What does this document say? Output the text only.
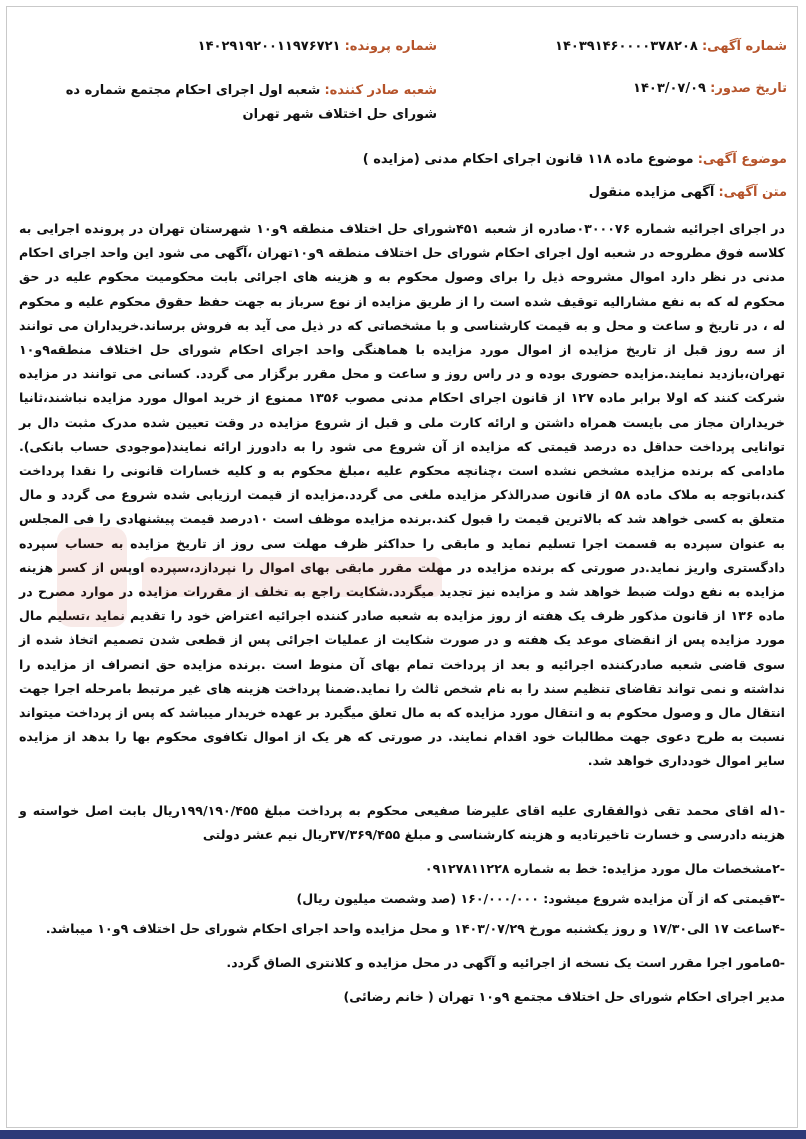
شماره آگهی: ۱۴۰۳۹۱۴۶۰۰۰۰۳۷۸۲۰۸
شماره پرونده: ۱۴۰۲۹۱۹۲۰۰۱۱۹۷۶۷۲۱
تاریخ صدور: ۱۴۰۳/۰۷/۰۹
شعبه صادر کننده: شعبه اول اجرای احکام مجتمع شماره ده شورای حل اختلاف شهر تهران
موضوع آگهی: موضوع ماده ۱۱۸ قانون اجرای احکام مدنی (مزایده )
متن آگهی: آگهی مزایده منقول

در اجرای اجرائیه شماره ۰۳۰۰۰۷۶صادره از شعبه ۴۵۱شورای حل اختلاف منطقه ۹و۱۰ شهرستان تهران در پرونده اجرایی به کلاسه فوق مطروحه در شعبه اول اجرای احکام شورای حل اختلاف منطقه ۹و۱۰تهران ،آگهی می شود این واحد اجرای احکام مدنی در نظر دارد اموال مشروحه ذیل را برای وصول محکوم به و هزینه های اجرائی بابت محکومیت محکوم علیه در حق محکوم له که به نفع مشارالیه توقیف شده است را از طریق مزایده از نوع سرباز به جهت حفظ حقوق محکوم علیه و محکوم له ، در تاریخ و ساعت و محل و به قیمت کارشناسی و با مشخصاتی که در ذیل می آید به فروش برساند.خریداران می توانند از سه روز قبل از تاریخ مزایده از اموال مورد مزایده با هماهنگی واحد اجرای احکام شورای حل اختلاف منطقه۹و۱۰ تهران،بازدید نمایند.مزایده حضوری بوده و در راس روز و ساعت و محل مقرر برگزار می گردد. کسانی می توانند در مزایده شرکت کنند که اولا برابر ماده ۱۲۷ از قانون اجرای احکام مدنی مصوب ۱۳۵۶ ممنوع از خرید اموال مورد مزایده نباشند،ثانیا خریداران مجاز می بایست همراه داشتن و ارائه کارت ملی و قبل از شروع مزایده در وقت تعیین شده مدرک مثبت دال بر توانایی پرداخت حداقل ده درصد قیمتی که مزایده از آن شروع می شود را به دادورز ارائه نمایند(موجودی حساب بانکی). مادامی که برنده مزایده مشخص نشده است ،چنانچه محکوم علیه ،مبلغ محکوم به و کلیه خسارات قانونی را نقدا پرداخت کند،باتوجه به ملاک ماده ۵۸ از قانون صدرالذکر مزایده ملغی می گردد.مزایده از قیمت ارزیابی شده شروع می گردد و مال متعلق به کسی خواهد شد که بالاترین قیمت را قبول کند.برنده مزایده موظف است ۱۰درصد قیمت پیشنهادی را فی المجلس به عنوان سپرده به قسمت اجرا تسلیم نماید و مابقی را حداکثر ظرف مهلت سی روز از تاریخ مزایده به حساب سپرده دادگستری واریز نماید.در صورتی که برنده مزایده در مهلت مقرر مابقی بهای اموال را نپردازد،سپرده اوپس از کسر هزینه مزایده به نفع دولت ضبط خواهد شد و مزایده نیز تجدید میگردد.شکایت راجع به تخلف از مقررات مزایده در موارد مصرح در ماده ۱۳۶ از قانون مذکور ظرف یک هفته از روز مزایده به شعبه صادر کننده اجرائیه اعتراض خود را تقدیم نماید ،تسلیم مال مورد مزایده پس از انقضای موعد یک هفته و در صورت شکایت از عملیات اجرائی پس از قطعی شدن تصمیم اتخاذ شده از سوی قاضی شعبه صادرکننده اجرائیه و بعد از پرداخت تمام بهای آن منوط است .برنده مزایده حق انصراف از مزایده را نداشته و نمی تواند تقاضای تنظیم سند را به نام شخص ثالث را نماید.ضمنا پرداخت هزینه های غیر مرتبط بامرحله اجرا جهت انتقال مال و وصول محکوم به و انتقال مورد مزایده که به مال تعلق میگیرد بر عهده خریدار میباشد که پس از پرداخت میتواند نسبت به طرح دعوی جهت مطالبات خود اقدام نمایند. در صورتی که هر یک از اموال تکافوی محکوم بها را بدهد از مزایده سایر اموال خودداری خواهد شد.

-۱له اقای محمد تقی ذوالفقاری علیه اقای علیرضا صفیعی محکوم به پرداخت مبلغ ۱۹۹/۱۹۰/۴۵۵ریال بابت اصل خواسته و هزینه دادرسی و خسارت تاخیرتادیه و هزینه کارشناسی و مبلغ ۳۷/۳۶۹/۴۵۵ریال نیم عشر دولتی
-۲مشخصات مال مورد مزایده: خط به شماره ۰۹۱۲۷۸۱۱۲۲۸
-۳قیمتی که از آن مزایده شروع میشود: ۱۶۰/۰۰۰/۰۰۰ (صد وشصت میلیون ریال)
-۴ساعت ۱۷ الی۱۷/۳۰ و روز یکشنبه مورخ ۱۴۰۳/۰۷/۲۹ و محل مزایده واحد اجرای احکام شورای حل اختلاف ۹و۱۰ میباشد.
-۵مامور اجرا مقرر است یک نسخه از اجرائیه و آگهی در محل مزایده و کلانتری الصاق گردد.
مدیر اجرای احکام شورای حل اختلاف مجتمع ۹و۱۰ تهران ( خانم رضائی)
